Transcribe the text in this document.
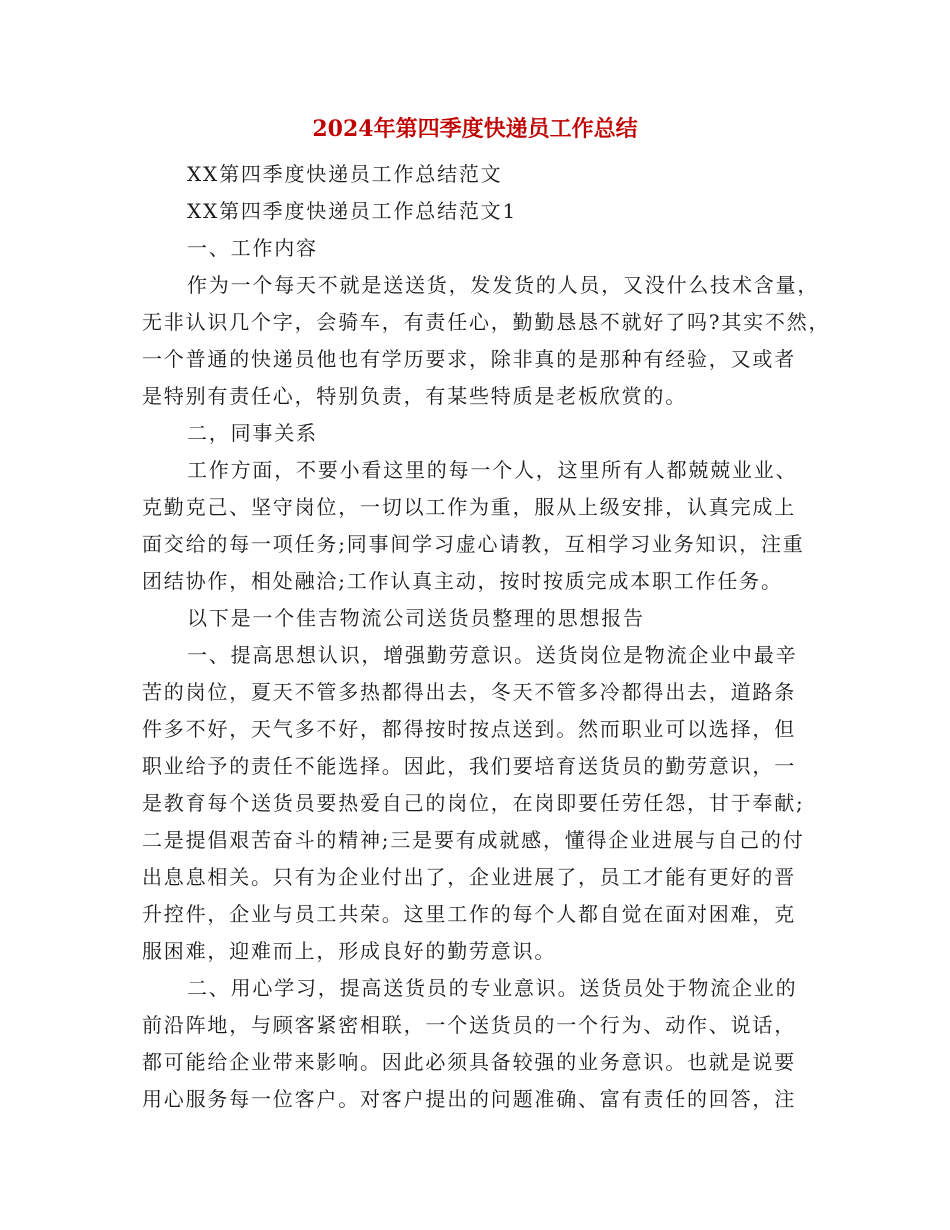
2024年第四季度快递员工作总结
XX第四季度快递员工作总结范文
XX第四季度快递员工作总结范文1
一、工作内容
作为一个每天不就是送送货，发发货的人员，又没什么技术含量，
无非认识几个字，会骑车，有责任心，勤勤恳恳不就好了吗?其实不然，
一个普通的快递员他也有学历要求，除非真的是那种有经验，又或者
是特别有责任心，特别负责，有某些特质是老板欣赏的。
二，同事关系
工作方面，不要小看这里的每一个人，这里所有人都兢兢业业、
克勤克己、坚守岗位，一切以工作为重，服从上级安排，认真完成上
面交给的每一项任务;同事间学习虚心请教，互相学习业务知识，注重
团结协作，相处融洽;工作认真主动，按时按质完成本职工作任务。
以下是一个佳吉物流公司送货员整理的思想报告
一、提高思想认识，增强勤劳意识。送货岗位是物流企业中最辛
苦的岗位，夏天不管多热都得出去，冬天不管多冷都得出去，道路条
件多不好，天气多不好，都得按时按点送到。然而职业可以选择，但
职业给予的责任不能选择。因此，我们要培育送货员的勤劳意识，一
是教育每个送货员要热爱自己的岗位，在岗即要任劳任怨，甘于奉献;
二是提倡艰苦奋斗的精神;三是要有成就感，懂得企业进展与自己的付
出息息相关。只有为企业付出了，企业进展了，员工才能有更好的晋
升控件，企业与员工共荣。这里工作的每个人都自觉在面对困难，克
服困难，迎难而上，形成良好的勤劳意识。
二、用心学习，提高送货员的专业意识。送货员处于物流企业的
前沿阵地，与顾客紧密相联，一个送货员的一个行为、动作、说话，
都可能给企业带来影响。因此必须具备较强的业务意识。也就是说要
用心服务每一位客户。对客户提出的问题准确、富有责任的回答，注
